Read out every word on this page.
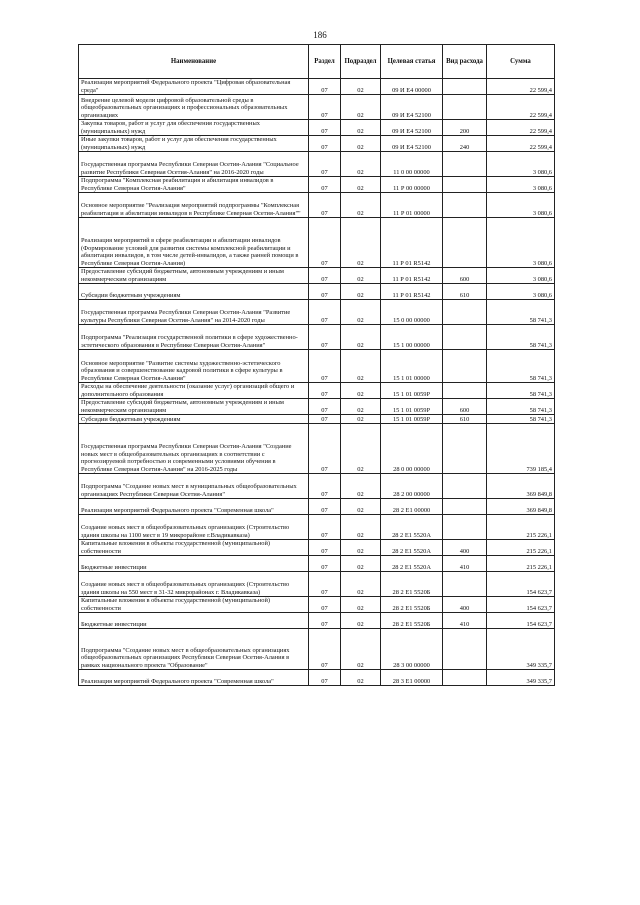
186
Наименование	Раздел	Подраздел	Целевая статья	Вид расхода	Сумма
Реализация мероприятий Федерального проекта "Цифровая образовательная среда"	07	02	09 И Е4 00000		22 599,4
Внедрение целевой модели цифровой образовательной среды в общеобразовательных организациях и профессиональных образовательных организациях	07	02	09 И Е4 52100		22 599,4
Закупка товаров, работ и услуг для обеспечения государственных (муниципальных) нужд	07	02	09 И Е4 52100	200	22 599,4
Иные закупки товаров, работ и услуг для обеспечения государственных (муниципальных) нужд	07	02	09 И Е4 52100	240	22 599,4
Государственная программа Республики Северная Осетия-Алания "Социальное развитие Республики Северная Осетия-Алания" на 2016-2020 годы	07	02	11 0 00 00000		3 080,6
Подпрограмма "Комплексная реабилитация и абилитация инвалидов в Республике Северная Осетия-Алания"	07	02	11 Р 00 00000		3 080,6
Основное мероприятие "Реализация мероприятий подпрограммы "Комплексная реабилитация и абилитация инвалидов в Республике Северная Осетия-Алания""	07	02	11 Р 01 00000		3 080,6
Реализация мероприятий в сфере реабилитации и абилитации инвалидов (Формирование условий для развития системы комплексной реабилитации и абилитации инвалидов, в том числе детей-инвалидов, а также ранней помощи в Республике Северная Осетия-Алания)	07	02	11 Р 01 R5142		3 080,6
Предоставление субсидий бюджетным, автономным учреждениям и иным некоммерческим организациям	07	02	11 Р 01 R5142	600	3 080,6
Субсидии бюджетным учреждениям	07	02	11 Р 01 R5142	610	3 080,6
Государственная программа Республики Северная Осетия-Алания "Развитие культуры Республики Северная Осетия-Алания" на 2014-2020 годы	07	02	15 0 00 00000		58 741,3
Подпрограмма "Реализация государственной политики в сфере художественно-эстетического образования в Республике Северная Осетия-Алания"	07	02	15 1 00 00000		58 741,3
Основное мероприятие "Развитие системы художественно-эстетического образования и совершенствование кадровой политики в сфере культуры в Республике Северная Осетия-Алания"	07	02	15 1 01 00000		58 741,3
Расходы на обеспечение деятельности (оказание услуг) организаций общего и дополнительного образования	07	02	15 1 01 0059Р		58 741,3
Предоставление субсидий бюджетным, автономным учреждениям и иным некоммерческим организациям	07	02	15 1 01 0059Р	600	58 741,3
Субсидии бюджетным учреждениям	07	02	15 1 01 0059Р	610	58 741,3
Государственная программа Республики Северная Осетия-Алания "Создание новых мест в общеобразовательных организациях в соответствии с прогнозируемой потребностью и современными условиями обучения в Республике Северная Осетия-Алания" на 2016-2025 годы	07	02	28 0 00 00000		739 185,4
Подпрограмма "Создание новых мест в муниципальных общеобразовательных организациях Республики Северная Осетия-Алания"	07	02	28 2 00 00000		369 849,8
Реализация мероприятий Федерального проекта "Современная школа"	07	02	28 2 Е1 00000		369 849,8
Создание новых мест в общеобразовательных организациях (Строительство здания школы на 1100 мест в 19 микрорайоне г.Владикавказа)	07	02	28 2 Е1 5520А		215 226,1
Капитальные вложения в объекты государственной (муниципальной) собственности	07	02	28 2 Е1 5520А	400	215 226,1
Бюджетные инвестиции	07	02	28 2 Е1 5520А	410	215 226,1
Создание новых мест в общеобразовательных организациях (Строительство здания школы на 550 мест в 31-32 микрорайонах г. Владикавказа)	07	02	28 2 Е1 5520Б		154 623,7
Капитальные вложения в объекты государственной (муниципальной) собственности	07	02	28 2 Е1 5520Б	400	154 623,7
Бюджетные инвестиции	07	02	28 2 Е1 5520Б	410	154 623,7
Подпрограмма "Создание новых мест в общеобразовательных организациях общеобразовательных организациях Республики Северная Осетия-Алания в рамках национального проекта "Образование"	07	02	28 3 00 00000		349 335,7
Реализация мероприятий Федерального проекта "Современная школа"	07	02	28 3 Е1 00000		349 335,7
